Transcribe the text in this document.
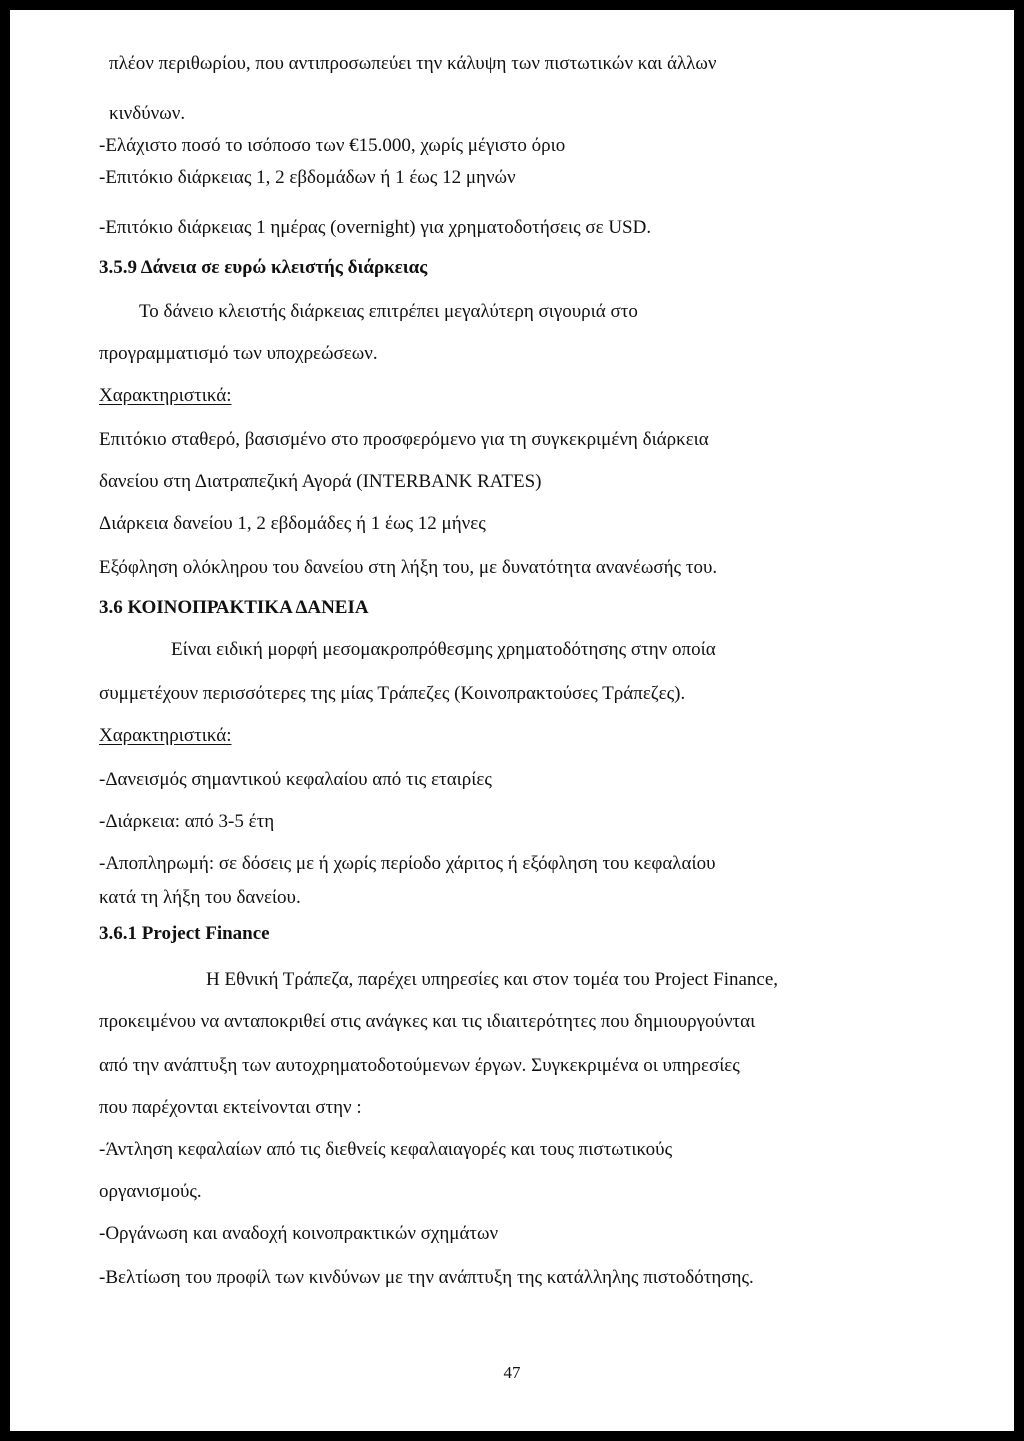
πλέον περιθωρίου, που αντιπροσωπεύει την κάλυψη των πιστωτικών και άλλων

κινδύνων.

-Ελάχιστο ποσό το ισόποσο των €15.000, χωρίς μέγιστο όριο

-Επιτόκιο διάρκειας 1, 2 εβδομάδων ή 1 έως 12 μηνών

-Επιτόκιο διάρκειας 1 ημέρας (overnight) για χρηματοδοτήσεις σε USD.

3.5.9 Δάνεια σε ευρώ κλειστής διάρκειας

Το δάνειο κλειστής διάρκειας επιτρέπει μεγαλύτερη σιγουριά στο

προγραμματισμό των υποχρεώσεων.

Χαρακτηριστικά:

Επιτόκιο σταθερό, βασισμένο στο προσφερόμενο για τη συγκεκριμένη διάρκεια

δανείου στη Διατραπεζική Αγορά (INTERBANK RATES)

Διάρκεια δανείου 1, 2 εβδομάδες ή 1 έως 12 μήνες

Εξόφληση ολόκληρου του δανείου στη λήξη του, με δυνατότητα ανανέωσής του.

3.6 ΚΟΙΝΟΠΡΑΚΤΙΚΑ ΔΑΝΕΙΑ

Είναι ειδική μορφή μεσομακροπρόθεσμης χρηματοδότησης στην οποία

συμμετέχουν περισσότερες της μίας Τράπεζες (Κοινοπρακτούσες Τράπεζες).

Χαρακτηριστικά:

-Δανεισμός σημαντικού κεφαλαίου από τις εταιρίες

-Διάρκεια: από 3-5 έτη

-Αποπληρωμή: σε δόσεις με ή χωρίς περίοδο χάριτος ή εξόφληση του κεφαλαίου

κατά τη λήξη του δανείου.

3.6.1 Project Finance

Η Εθνική Τράπεζα, παρέχει υπηρεσίες και στον τομέα του Project Finance,

προκειμένου να ανταποκριθεί στις ανάγκες και τις ιδιαιτερότητες που δημιουργούνται

από την ανάπτυξη των αυτοχρηματοδοτούμενων έργων. Συγκεκριμένα οι υπηρεσίες

που παρέχονται εκτείνονται στην :

-Άντληση κεφαλαίων από τις διεθνείς κεφαλαιαγορές και τους πιστωτικούς

οργανισμούς.

-Οργάνωση και αναδοχή κοινοπρακτικών σχημάτων

-Βελτίωση του προφίλ των κινδύνων με την ανάπτυξη της κατάλληλης πιστοδότησης.

47
